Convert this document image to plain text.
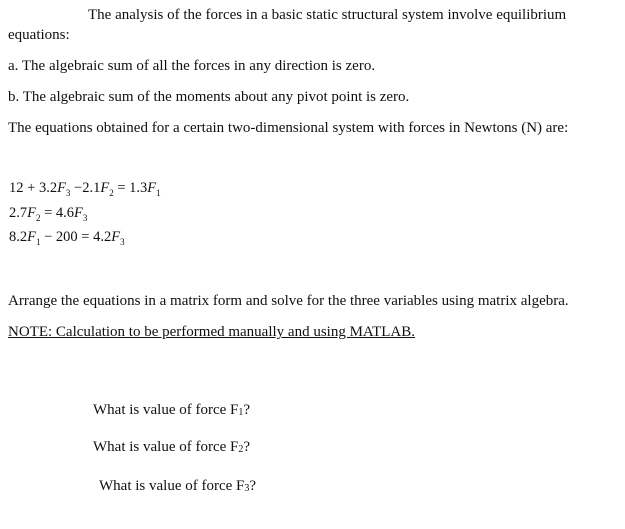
The analysis of the forces in a basic static structural system involve equilibrium
equations:
a. The algebraic sum of all the forces in any direction is zero.
b. The algebraic sum of the moments about any pivot point is zero.
The equations obtained for a certain two-dimensional system with forces in Newtons (N) are:
$12 + 3.2F_3 -2.1F_2 = 1.3F_1$
$2.7F_2 = 4.6F_3$
$8.2F_1 - 200 = 4.2F_3$
Arrange the equations in a matrix form and solve for the three variables using matrix algebra.
NOTE: Calculation to be performed manually and using MATLAB.
What is value of force $F_1$?
What is value of force $F_2$?
What is value of force $F_3$?
